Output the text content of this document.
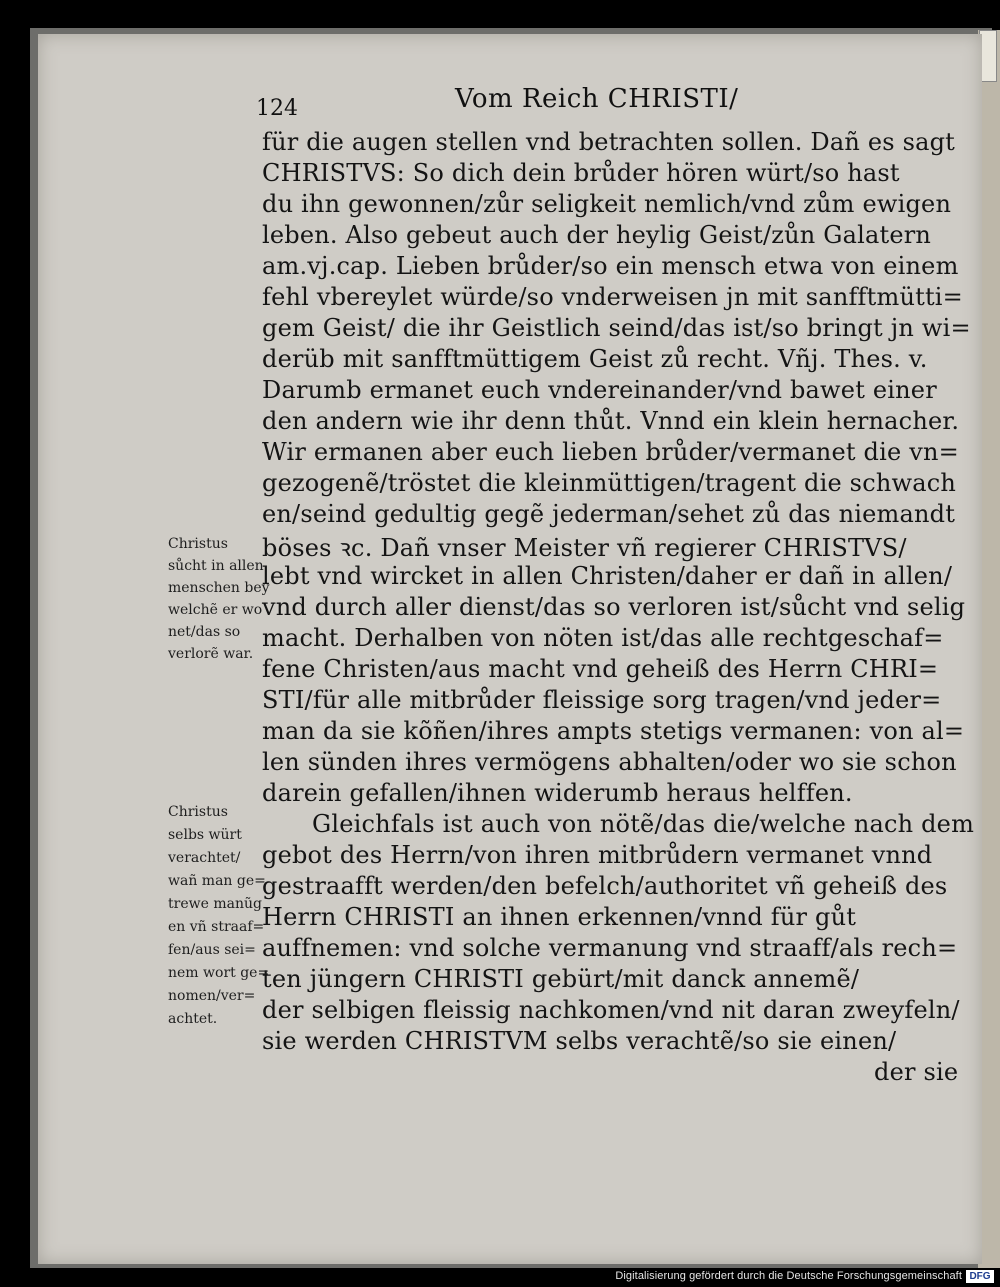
124	Vom Reich CHRISTI/
für die augen stellen vnd betrachten sollen. Dañ es sagt
CHRISTVS: So dich dein brůder hören würt/so hast
du ihn gewonnen/zůr seligkeit nemlich/vnd zům ewigen
leben. Also gebeut auch der heylig Geist/zůn Galatern
am.vj.cap. Lieben brůder/so ein mensch etwa von einem
fehl vbereylet würde/so vnderweisen jn mit sanfftmütti=
gem Geist/ die ihr Geistlich seind/das ist/so bringt jn wi=
derüb mit sanfftmüttigem Geist zů recht. Vñj. Thes. v.
Darumb ermanet euch vndereinander/vnd bawet einer
den andern wie ihr denn thůt. Vnnd ein klein hernacher.
Wir ermanen aber euch lieben brůder/vermanet die vn=
gezogenẽ/tröstet die kleinmüttigen/tragent die schwach
en/seind gedultig gegẽ jederman/sehet zů das niemandt
böses ꝛc. Dañ vnser Meister vñ regierer CHRISTVS/
lebt vnd wircket in allen Christen/daher er dañ in allen/
vnd durch aller dienst/das so verloren ist/sůcht vnd selig
macht. Derhalben von nöten ist/das alle rechtgeschaf=
fene Christen/aus macht vnd geheiß des Herrn CHRI=
STI/für alle mitbrůder fleissige sorg tragen/vnd jeder=
man da sie kõñen/ihres ampts stetigs vermanen: von al=
len sünden ihres vermögens abhalten/oder wo sie schon
darein gefallen/ihnen widerumb heraus helffen.
Gleichfals ist auch von nötẽ/das die/welche nach dem
gebot des Herrn/von ihren mitbrůdern vermanet vnnd
gestraafft werden/den befelch/authoritet vñ geheiß des
Herrn CHRISTI an ihnen erkennen/vnnd für gůt
auffnemen: vnd solche vermanung vnd straaff/als rech=
ten jüngern CHRISTI gebürt/mit danck annemẽ/
der selbigen fleissig nachkomen/vnd nit daran zweyfeln/
sie werden CHRISTVM selbs verachtẽ/so sie einen/
der sie
Christus
sůcht in allen
menschen bey
welchẽ er wo
net/das so
verlorẽ war.
Christus
selbs würt
verachtet/
wañ man ge=
trewe manũg
en vñ straaf=
fen/aus sei=
nem wort ge=
nomen/ver=
achtet.
Digitalisierung gefördert durch die Deutsche Forschungsgemeinschaft DFG
